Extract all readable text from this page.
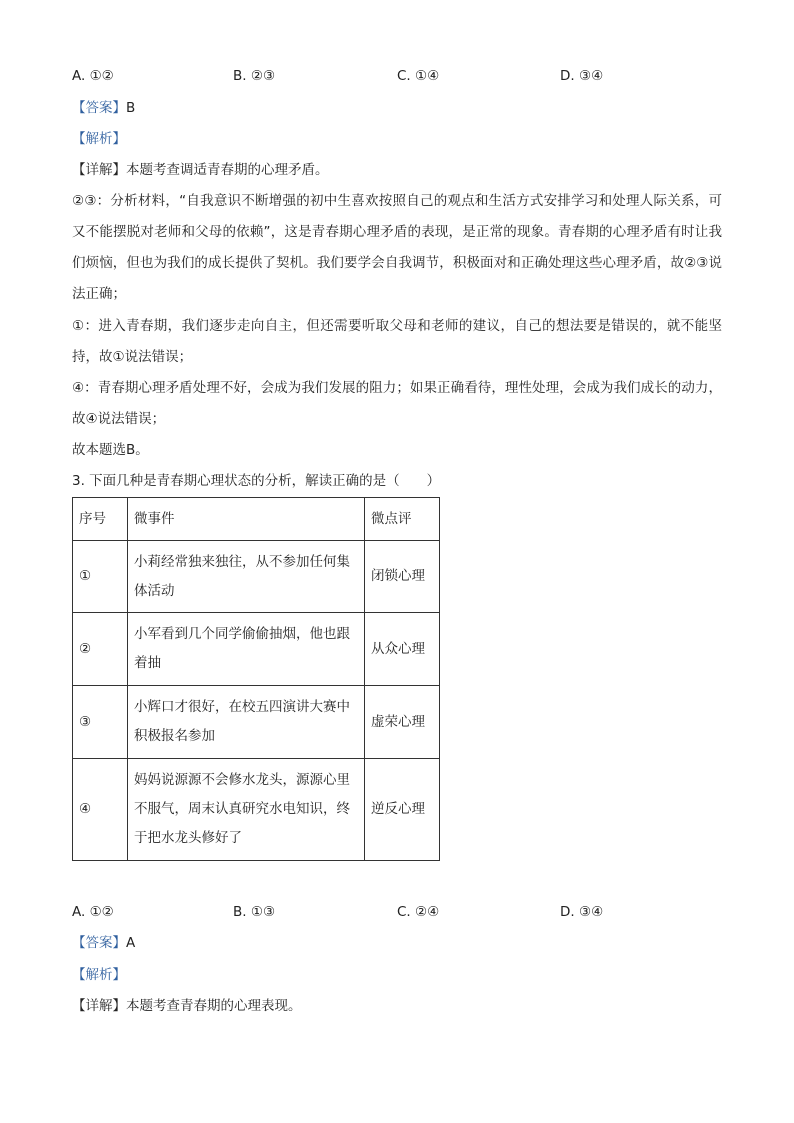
A. ①②	B. ②③	C. ①④	D. ③④
【答案】B
【解析】
【详解】本题考查调适青春期的心理矛盾。
②③：分析材料，“自我意识不断增强的初中生喜欢按照自己的观点和生活方式安排学习和处理人际关系，可又不能摆脱对老师和父母的依赖”，这是青春期心理矛盾的表现，是正常的现象。青春期的心理矛盾有时让我们烦恼，但也为我们的成长提供了契机。我们要学会自我调节，积极面对和正确处理这些心理矛盾，故②③说法正确；
①：进入青春期，我们逐步走向自主，但还需要听取父母和老师的建议，自己的想法要是错误的，就不能坚持，故①说法错误；
④：青春期心理矛盾处理不好，会成为我们发展的阻力；如果正确看待，理性处理，会成为我们成长的动力，故④说法错误；
故本题选B。
3. 下面几种是青春期心理状态的分析，解读正确的是（　　）
序号	微事件	微点评
①	小莉经常独来独往，从不参加任何集体活动	闭锁心理
②	小军看到几个同学偷偷抽烟，他也跟着抽	从众心理
③	小辉口才很好，在校五四演讲大赛中积极报名参加	虚荣心理
④	妈妈说源源不会修水龙头，源源心里不服气，周末认真研究水电知识，终于把水龙头修好了	逆反心理
A. ①②	B. ①③	C. ②④	D. ③④
【答案】A
【解析】
【详解】本题考查青春期的心理表现。
